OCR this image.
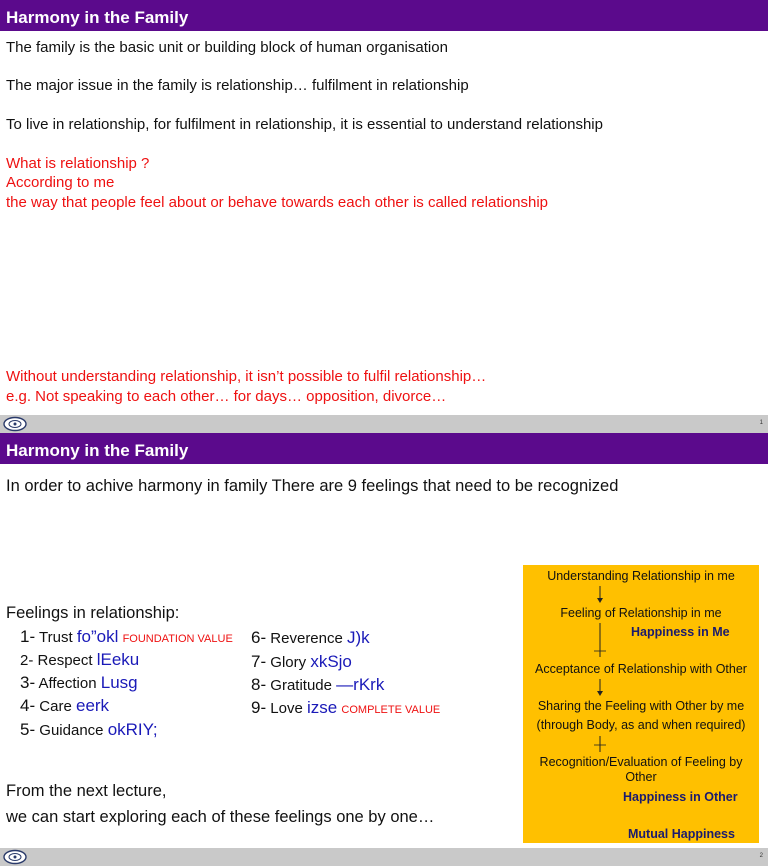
Harmony in the Family
The family is the basic unit or building block of human organisation
The major issue in the family is relationship… fulfilment in relationship
To live in relationship, for fulfilment in relationship, it is essential to understand relationship
What is relationship ?
According to me
the way that people feel about or behave towards each other is called relationship
Without understanding relationship, it isn’t possible to fulfil relationship…
e.g. Not speaking to each other… for days… opposition, divorce…
1
Harmony in the Family
In order to achive harmony in family There are 9 feelings that need to be recognized
Feelings in relationship:
1- Trust fo”okl FOUNDATION VALUE
2- Respect lEeku
3- Affection Lusg
4- Care eerk
5- Guidance okRIY;
6- Reverence J)k
7- Glory xkSjo
8- Gratitude —rKrk
9- Love izse COMPLETE VALUE
From the next lecture,
we can start exploring each of these feelings one by one…
Understanding Relationship in me
Feeling of Relationship in me
Happiness in Me
Acceptance of Relationship with Other
Sharing the Feeling with Other by me
(through Body, as and when required)
Recognition/Evaluation of Feeling by
Other
Happiness in Other
Mutual Happiness
2
